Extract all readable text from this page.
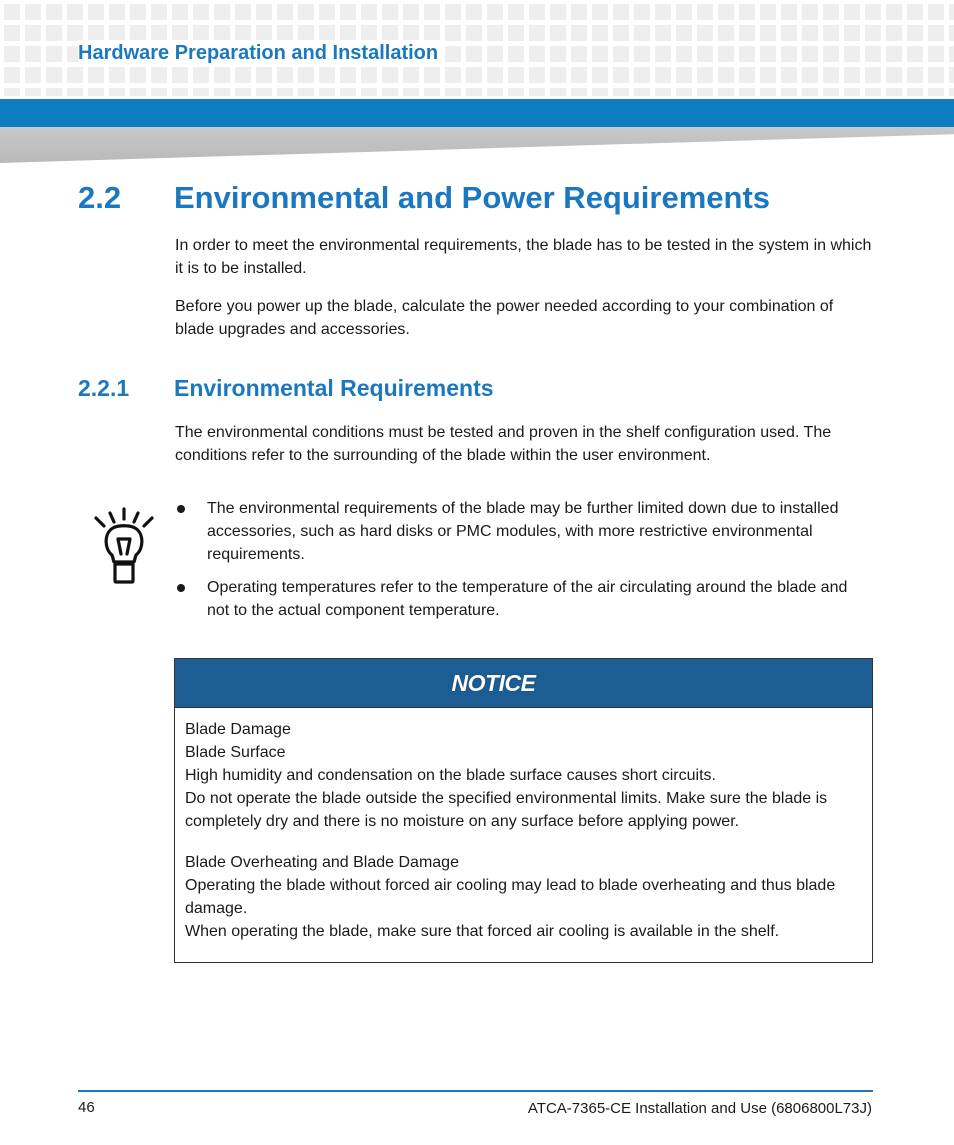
Hardware Preparation and Installation
2.2 Environmental and Power Requirements

In order to meet the environmental requirements, the blade has to be tested in the system in which it is to be installed.

Before you power up the blade, calculate the power needed according to your combination of blade upgrades and accessories.

2.2.1 Environmental Requirements

The environmental conditions must be tested and proven in the shelf configuration used. The conditions refer to the surrounding of the blade within the user environment.

The environmental requirements of the blade may be further limited down due to installed accessories, such as hard disks or PMC modules, with more restrictive environmental requirements.
Operating temperatures refer to the temperature of the air circulating around the blade and not to the actual component temperature.
NOTICE
Blade Damage
Blade Surface
High humidity and condensation on the blade surface causes short circuits.
Do not operate the blade outside the specified environmental limits. Make sure the blade is completely dry and there is no moisture on any surface before applying power.
Blade Overheating and Blade Damage
Operating the blade without forced air cooling may lead to blade overheating and thus blade damage.
When operating the blade, make sure that forced air cooling is available in the shelf.
46	ATCA-7365-CE Installation and Use (6806800L73J)
